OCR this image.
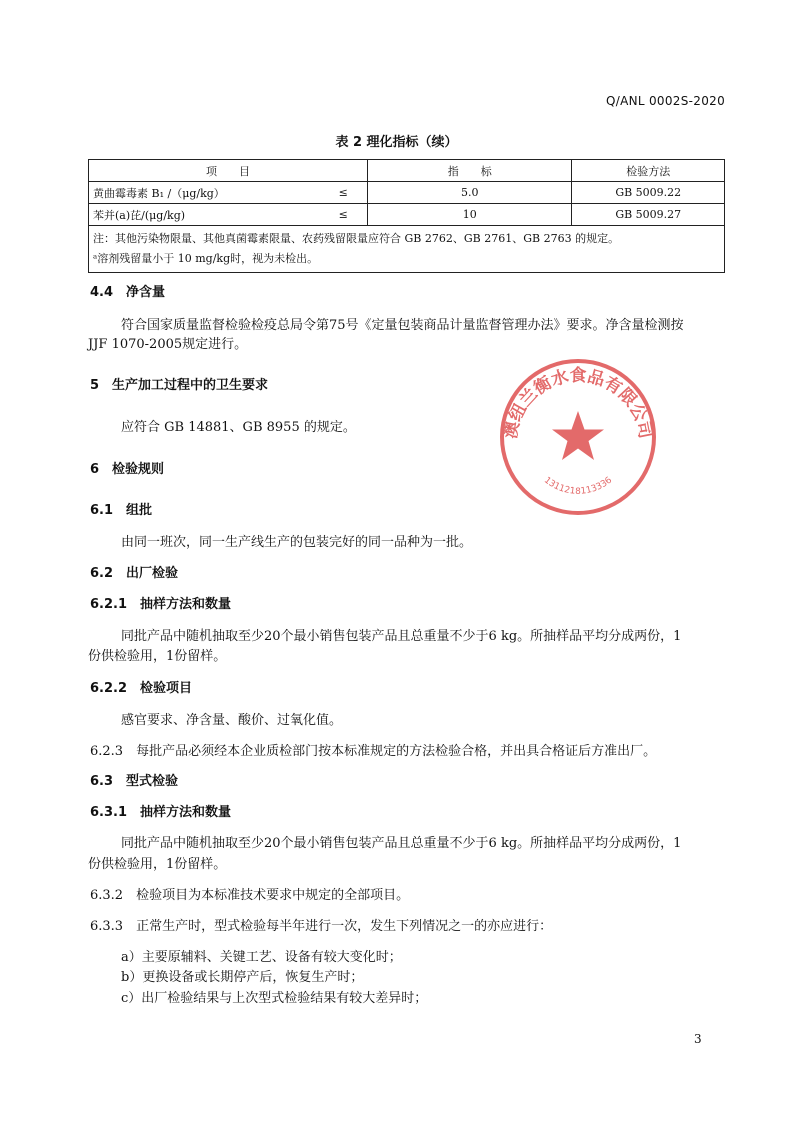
Q/ANL 0002S-2020
表 2 理化指标（续）
项　　目		指　　标	检验方法
黄曲霉毒素 B₁ /（μg/kg）	≤	5.0	GB 5009.22
苯并(a)芘/(μg/kg)	≤	10	GB 5009.27

注：其他污染物限量、其他真菌霉素限量、农药残留限量应符合 GB 2762、GB 2761、GB 2763 的规定。
ᵃ溶剂残留量小于 10 mg/kg时，视为未检出。			
4.4　净含量
符合国家质量监督检验检疫总局令第75号《定量包装商品计量监督管理办法》要求。净含量检测按
JJF 1070-2005规定进行。
5　生产加工过程中的卫生要求
应符合 GB 14881、GB 8955 的规定。
6　检验规则
6.1　组批
由同一班次，同一生产线生产的包装完好的同一品种为一批。
6.2　出厂检验
6.2.1　抽样方法和数量
同批产品中随机抽取至少20个最小销售包装产品且总重量不少于6 kg。所抽样品平均分成两份，1
份供检验用，1份留样。
6.2.2　检验项目
感官要求、净含量、酸价、过氧化值。
6.2.3　每批产品必须经本企业质检部门按本标准规定的方法检验合格，并出具合格证后方准出厂。
6.3　型式检验
6.3.1　抽样方法和数量
同批产品中随机抽取至少20个最小销售包装产品且总重量不少于6 kg。所抽样品平均分成两份，1
份供检验用，1份留样。
6.3.2　检验项目为本标准技术要求中规定的全部项目。
6.3.3　正常生产时，型式检验每半年进行一次，发生下列情况之一的亦应进行：
a）主要原辅料、关键工艺、设备有较大变化时；
b）更换设备或长期停产后，恢复生产时；
c）出厂检验结果与上次型式检验结果有较大差异时；
澳纽兰衡水食品有限公司
1311218113336
3
